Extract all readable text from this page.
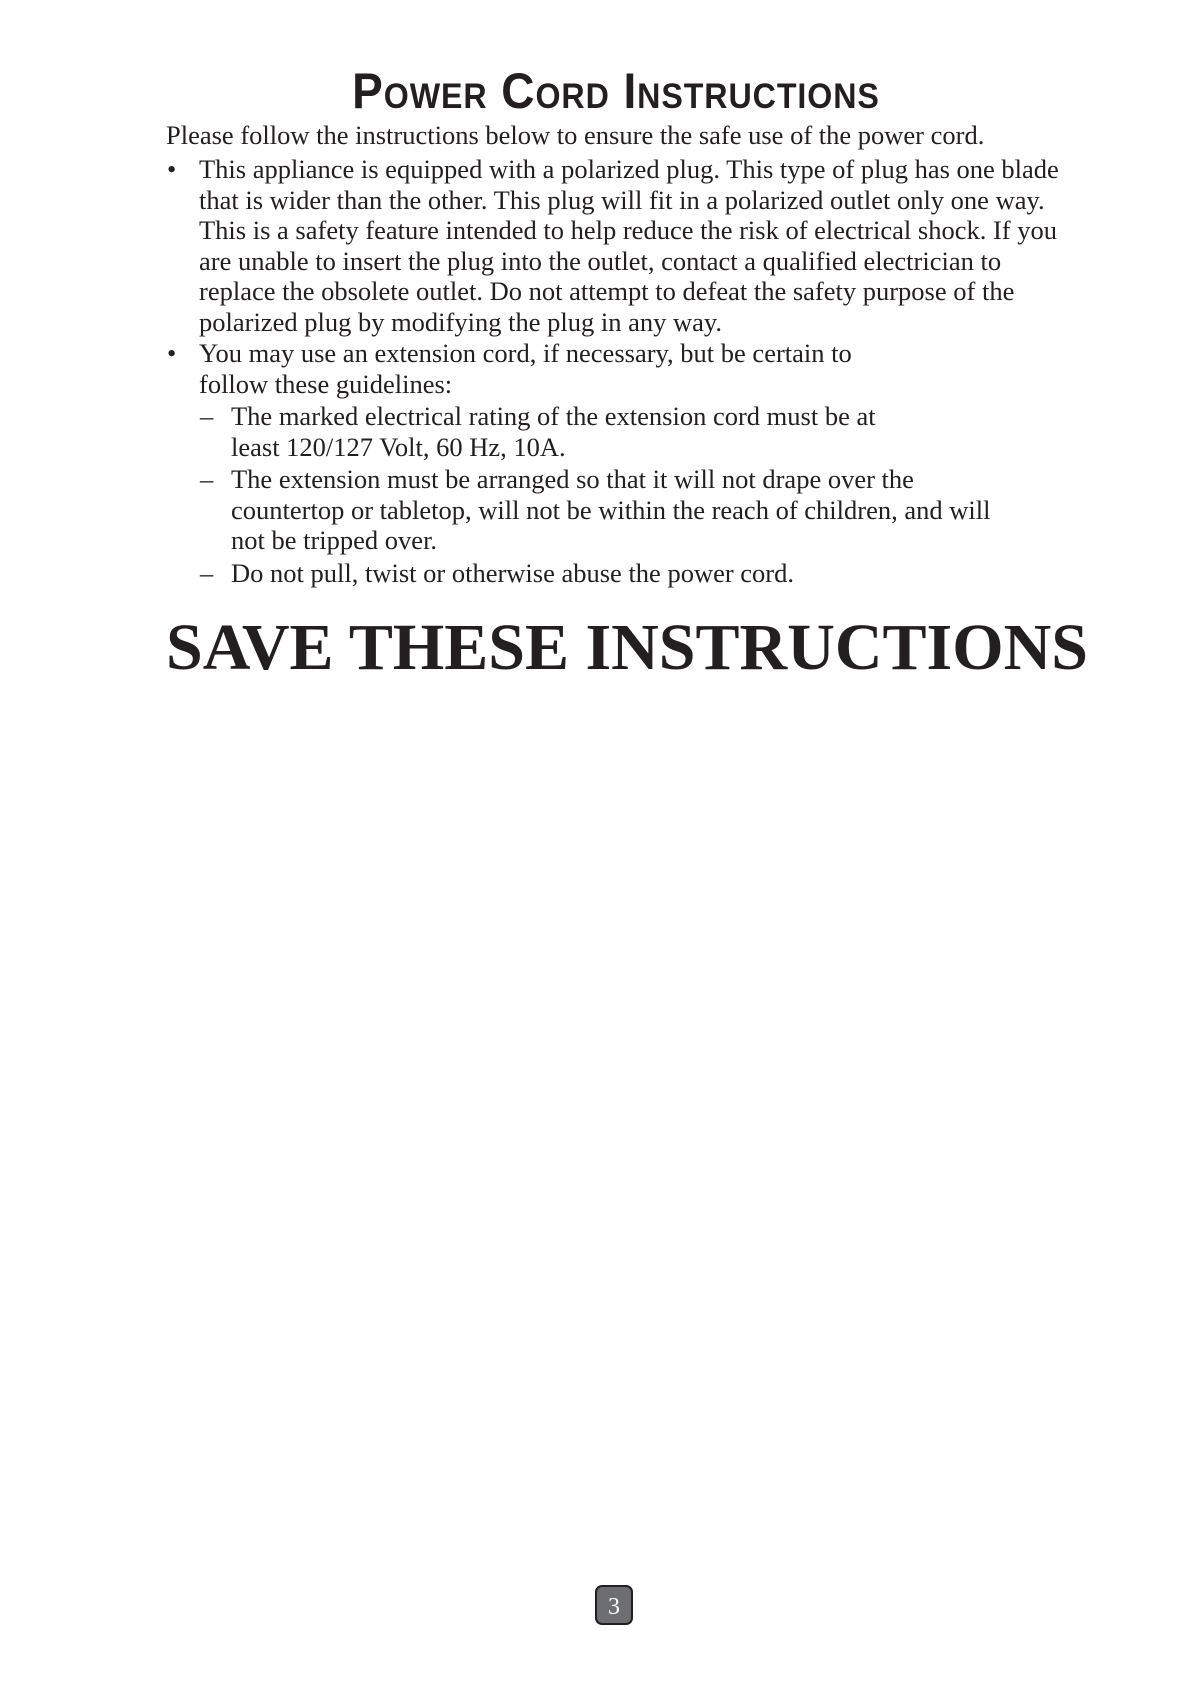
Power Cord Instructions

Please follow the instructions below to ensure the safe use of the power cord.

• This appliance is equipped with a polarized plug. This type of plug has one blade that is wider than the other. This plug will fit in a polarized outlet only one way. This is a safety feature intended to help reduce the risk of electrical shock. If you are unable to insert the plug into the outlet, contact a qualified electrician to replace the obsolete outlet. Do not attempt to defeat the safety purpose of the polarized plug by modifying the plug in any way.
• You may use an extension cord, if necessary, but be certain to follow these guidelines:
– The marked electrical rating of the extension cord must be at least 120/127 Volt, 60 Hz, 10A.
– The extension must be arranged so that it will not drape over the countertop or tabletop, will not be within the reach of children, and will not be tripped over.
– Do not pull, twist or otherwise abuse the power cord.
SAVE THESE INSTRUCTIONS
3
